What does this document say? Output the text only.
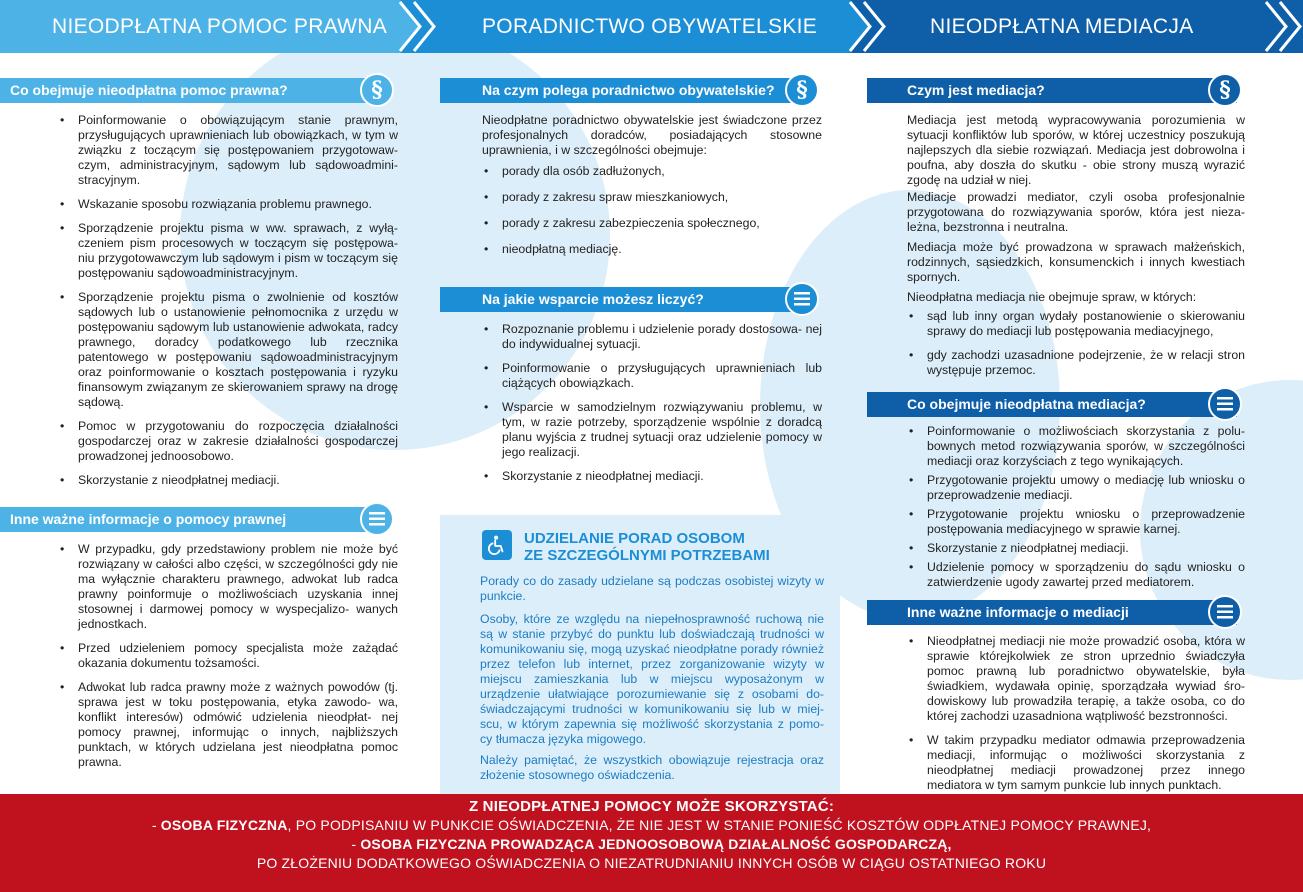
NIEODPŁATNA POMOC PRAWNA	PORADNICTWO OBYWATELSKIE	NIEODPŁATNA MEDIACJA
Co obejmuje nieodpłatna pomoc prawna?	§
• Poinformowanie o obowiązującym stanie prawnym, przysługujących uprawnieniach lub obowiązkach, w tym w związku z toczącym się postępowaniem przygotowaw- czym, administracyjnym, sądowym lub sądowoadmini- stracyjnym.
• Wskazanie sposobu rozwiązania problemu prawnego.
• Sporządzenie projektu pisma w ww. sprawach, z wyłą- czeniem pism procesowych w toczącym się postępowa- niu przygotowawczym lub sądowym i pism w toczącym się postępowaniu sądowoadministracyjnym.
• Sporządzenie projektu pisma o zwolnienie od kosztów sądowych lub o ustanowienie pełnomocnika z urzędu w postępowaniu sądowym lub ustanowienie adwokata, radcy prawnego, doradcy podatkowego lub rzecznika patentowego w postępowaniu sądowoadministracyjnym oraz poinformowanie o kosztach postępowania i ryzyku finansowym związanym ze skierowaniem sprawy na drogę sądową.
• Pomoc w przygotowaniu do rozpoczęcia działalności gospodarczej oraz w zakresie działalności gospodarczej prowadzonej jednoosobowo.
• Skorzystanie z nieodpłatnej mediacji.
Inne ważne informacje o pomocy prawnej
• W przypadku, gdy przedstawiony problem nie może być rozwiązany w całości albo części, w szczególności gdy nie ma wyłącznie charakteru prawnego, adwokat lub radca prawny poinformuje o możliwościach uzyskania innej stosownej i darmowej pomocy w wyspecjalizo- wanych jednostkach.
• Przed udzieleniem pomocy specjalista może zażądać okazania dokumentu tożsamości.
• Adwokat lub radca prawny może z ważnych powodów (tj. sprawa jest w toku postępowania, etyka zawodo- wa, konflikt interesów) odmówić udzielenia nieodpłat- nej pomocy prawnej, informując o innych, najbliższych punktach, w których udzielana jest nieodpłatna pomoc prawna.
Na czym polega poradnictwo obywatelskie? §

Nieodpłatne poradnictwo obywatelskie jest świadczone przez profesjonalnych doradców, posiadających stosowne uprawnienia, i w szczególności obejmuje:

• porady dla osób zadłużonych,
• porady z zakresu spraw mieszkaniowych,
• porady z zakresu zabezpieczenia społecznego,
• nieodpłatną mediację.
Na jakie wsparcie możesz liczyć?
• Rozpoznanie problemu i udzielenie porady dostosowa- nej do indywidualnej sytuacji.
• Poinformowanie o przysługujących uprawnieniach lub ciążących obowiązkach.
• Wsparcie w samodzielnym rozwiązywaniu problemu, w tym, w razie potrzeby, sporządzenie wspólnie z doradcą planu wyjścia z trudnej sytuacji oraz udzielenie pomocy w jego realizacji.
• Skorzystanie z nieodpłatnej mediacji.
UDZIELANIE PORAD OSOBOM
ZE SZCZEGÓLNYMI POTRZEBAMI

Porady co do zasady udzielane są podczas osobistej wizyty w punkcie.

Osoby, które ze względu na niepełnosprawność ruchową nie są w stanie przybyć do punktu lub doświadczają trudności w komunikowaniu się, mogą uzyskać nieodpłatne porady również przez telefon lub internet, przez zorganizowanie wizyty w miejscu zamieszkania lub w miejscu wyposażonym w urządzenie ułatwiające porozumiewanie się z osobami do- świadczającymi trudności w komunikowaniu się lub w miej- scu, w którym zapewnia się możliwość skorzystania z pomo- cy tłumacza języka migowego.

Należy pamiętać, że wszystkich obowiązuje rejestracja oraz złożenie stosownego oświadczenia.

Czym jest mediacja?	§

Mediacja jest metodą wypracowywania porozumienia w sytuacji konfliktów lub sporów, w której uczestnicy poszukują najlepszych dla siebie rozwiązań. Mediacja jest dobrowolna i poufna, aby doszła do skutku - obie strony muszą wyrazić zgodę na udział w niej.

Mediacje prowadzi mediator, czyli osoba profesjonalnie przygotowana do rozwiązywania sporów, która jest nieza- leżna, bezstronna i neutralna.

Mediacja może być prowadzona w sprawach małżeńskich, rodzinnych, sąsiedzkich, konsumenckich i innych kwestiach spornych.

Nieodpłatna mediacja nie obejmuje spraw, w których:

• sąd lub inny organ wydały postanowienie o skierowaniu sprawy do mediacji lub postępowania mediacyjnego,
• gdy zachodzi uzasadnione podejrzenie, że w relacji stron występuje przemoc.
Co obejmuje nieodpłatna mediacja?
• Poinformowanie o możliwościach skorzystania z polu- bownych metod rozwiązywania sporów, w szczególności mediacji oraz korzyściach z tego wynikających.
• Przygotowanie projektu umowy o mediację lub wniosku o przeprowadzenie mediacji.
• Przygotowanie projektu wniosku o przeprowadzenie postępowania mediacyjnego w sprawie karnej.
• Skorzystanie z nieodpłatnej mediacji.
• Udzielenie pomocy w sporządzeniu do sądu wniosku o zatwierdzenie ugody zawartej przed mediatorem.
Inne ważne informacje o mediacji
• Nieodpłatnej mediacji nie może prowadzić osoba, która w sprawie którejkolwiek ze stron uprzednio świadczyła pomoc prawną lub poradnictwo obywatelskie, była świadkiem, wydawała opinię, sporządzała wywiad śro- dowiskowy lub prowadziła terapię, a także osoba, co do której zachodzi uzasadniona wątpliwość bezstronności.
• W takim przypadku mediator odmawia przeprowadzenia mediacji, informując o możliwości skorzystania z nieodpłatnej mediacji prowadzonej przez innego mediatora w tym samym punkcie lub innych punktach.
Z NIEODPŁATNEJ POMOCY MOŻE SKORZYSTAĆ:
- OSOBA FIZYCZNA, PO PODPISANIU W PUNKCIE OŚWIADCZENIA, ŻE NIE JEST W STANIE PONIEŚĆ KOSZTÓW ODPŁATNEJ POMOCY PRAWNEJ,
- OSOBA FIZYCZNA PROWADZĄCA JEDNOOSOBOWĄ DZIAŁALNOŚĆ GOSPODARCZĄ,
PO ZŁOŻENIU DODATKOWEGO OŚWIADCZENIA O NIEZATRUDNIANIU INNYCH OSÓB W CIĄGU OSTATNIEGO ROKU
